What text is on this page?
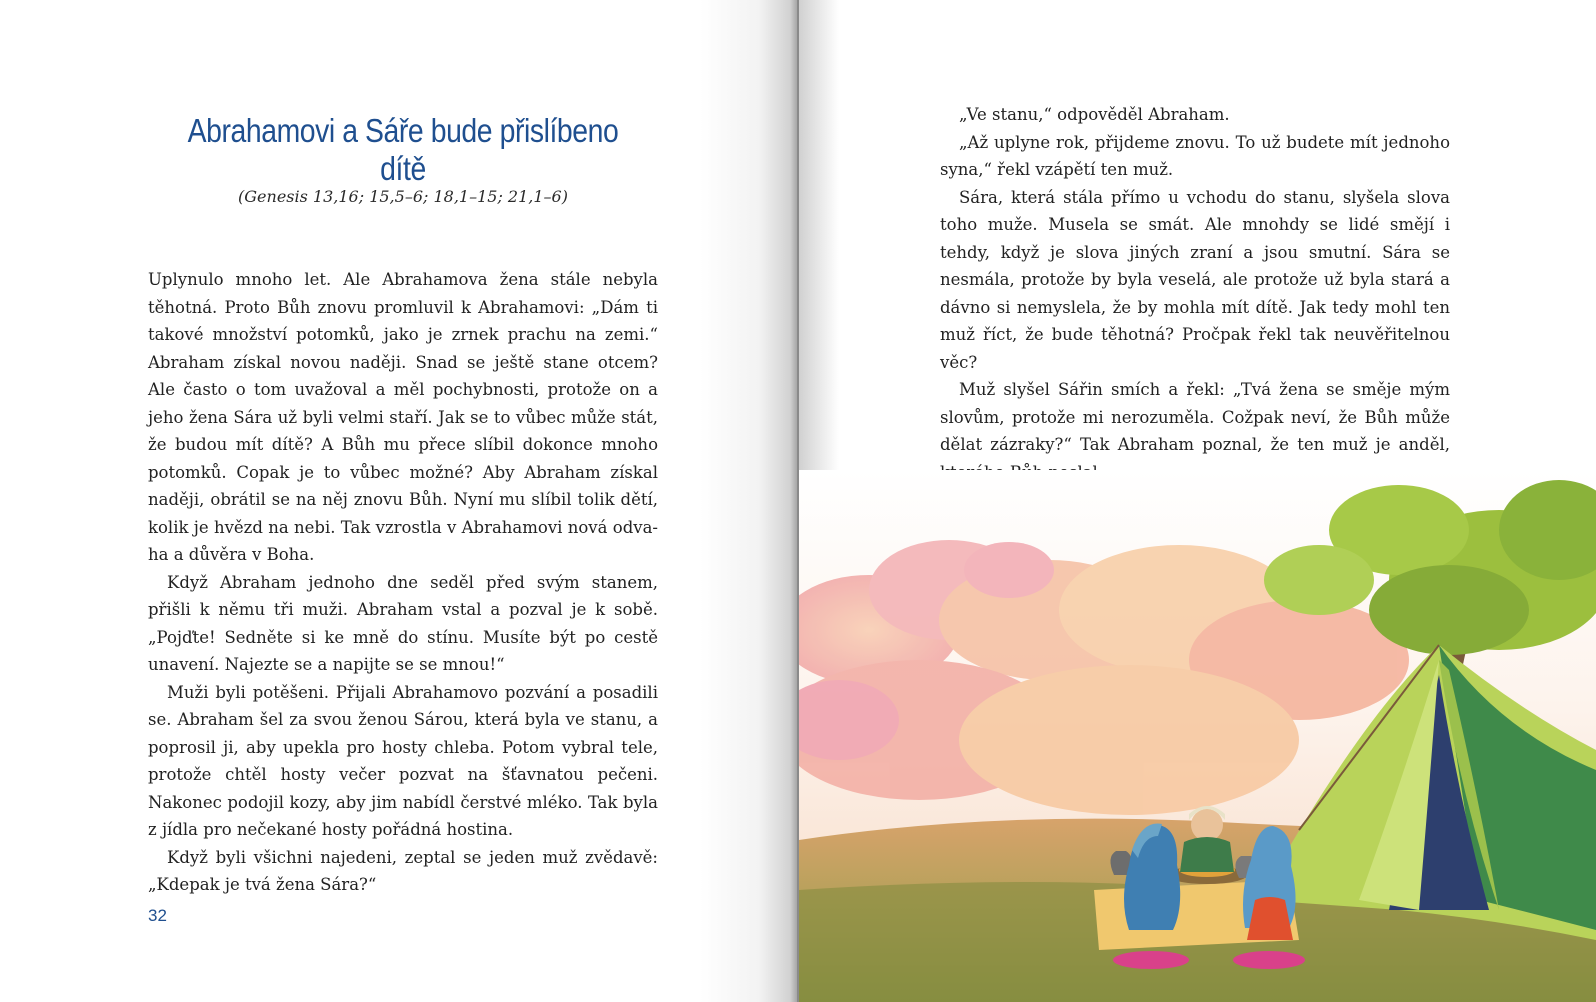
Abrahamovi a Sáře bude přislíbeno dítě
(Genesis 13,16; 15,5–6; 18,1–15; 21,1–6)

Uplynulo mnoho let. Ale Abrahamova žena stále nebyla těhotná. Proto Bůh znovu promluvil k Abrahamovi: „Dám ti takové množství potomků, jako je zrnek prachu na zemi.“ Abraham získal novou naději. Snad se ještě stane otcem? Ale často o tom uvažoval a měl pochybnosti, protože on a jeho žena Sára už byli velmi staří. Jak se to vůbec může stát, že budou mít dítě? A Bůh mu přece slíbil dokonce mnoho potomků. Copak je to vůbec možné? Aby Abraham získal naději, obrátil se na něj znovu Bůh. Nyní mu slíbil tolik dětí, kolik je hvězd na nebi. Tak vzrostla v Abrahamovi nová odvaha a důvěra v Boha.

Když Abraham jednoho dne seděl před svým stanem, přišli k němu tři muži. Abraham vstal a pozval je k sobě. „Pojďte! Sedněte si ke mně do stínu. Musíte být po cestě unavení. Najezte se a napijte se se mnou!“

Muži byli potěšeni. Přijali Abrahamovo pozvání a posadili se. Abraham šel za svou ženou Sárou, která byla ve stanu, a poprosil ji, aby upekla pro hosty chleba. Potom vybral tele, protože chtěl hosty večer pozvat na šťavnatou pečeni. Nakonec podojil kozy, aby jim nabídl čerstvé mléko. Tak byla z jídla pro nečekané hosty pořádná hostina.

Když byli všichni najedeni, zeptal se jeden muž zvědavě: „Kdepak je tvá žena Sára?“

32

„Ve stanu,“ odpověděl Abraham.

„Až uplyne rok, přijdeme znovu. To už budete mít jednoho syna,“ řekl vzápětí ten muž.

Sára, která stála přímo u vchodu do stanu, slyšela slova toho muže. Musela se smát. Ale mnohdy se lidé smějí i tehdy, když je slova jiných zraní a jsou smutní. Sára se nesmála, protože by byla veselá, ale protože už byla stará a dávno si nemyslela, že by mohla mít dítě. Jak tedy mohl ten muž říct, že bude těhotná? Pročpak řekl tak neuvěřitelnou věc?

Muž slyšel Sářin smích a řekl: „Tvá žena se směje mým slovům, protože mi nerozuměla. Cožpak neví, že Bůh může dělat zázraky?“ Tak Abraham poznal, že ten muž je anděl,
